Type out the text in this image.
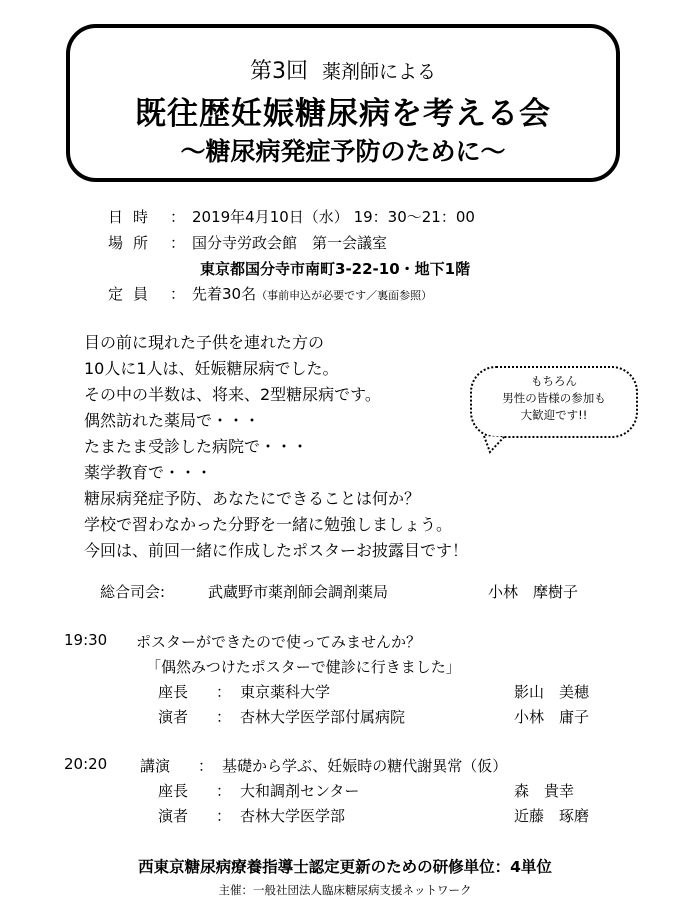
第3回 薬剤師による
既往歴妊娠糖尿病を考える会
～糖尿病発症予防のために～
日時 ： 2019年4月10日（水） 19：30～21：00
場所 ： 国分寺労政会館　第一会議室
東京都国分寺市南町3-22-10・地下1階
定員 ： 先着30名（事前申込が必要です／裏面参照）
目の前に現れた子供を連れた方の
10人に1人は、妊娠糖尿病でした。
その中の半数は、将来、2型糖尿病です。
偶然訪れた薬局で・・・
たまたま受診した病院で・・・
薬学教育で・・・
糖尿病発症予防、あなたにできることは何か？
学校で習わなかった分野を一緒に勉強しましょう。
今回は、前回一緒に作成したポスターお披露目です！
もちろん
男性の皆様の参加も
大歓迎です!!
総合司会:	武蔵野市薬剤師会調剤薬局	小林　摩樹子
19:30 ポスターができたので使ってみませんか？
「偶然みつけたポスターで健診に行きました」
座長 ： 東京薬科大学	影山　美穂
演者 ： 杏林大学医学部付属病院	小林　庸子
20:20 講演 ： 基礎から学ぶ、妊娠時の糖代謝異常（仮）
座長 ： 大和調剤センター	森　貴幸
演者 ： 杏林大学医学部	近藤　琢磨
西東京糖尿病療養指導士認定更新のための研修単位：4単位
主催：一般社団法人臨床糖尿病支援ネットワーク
